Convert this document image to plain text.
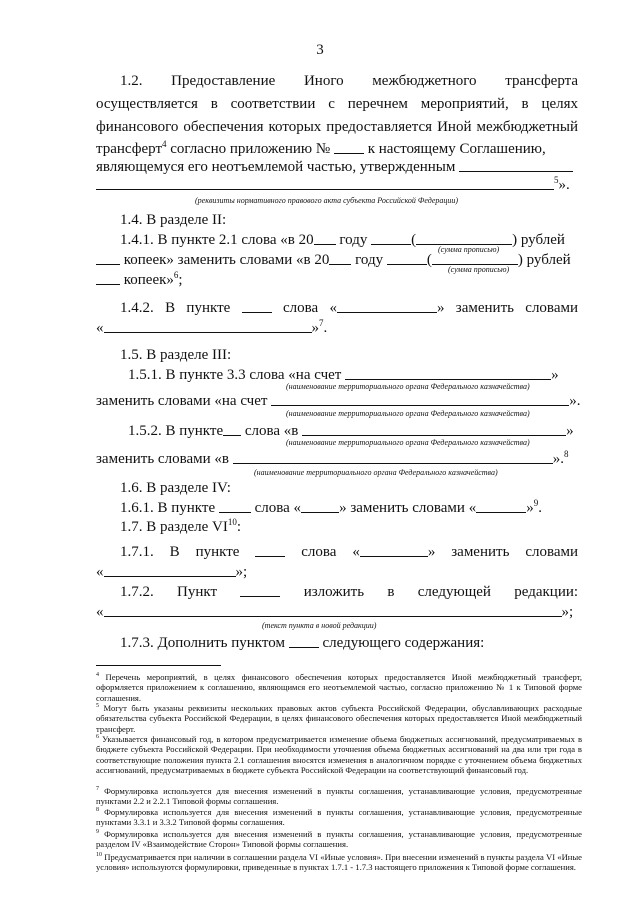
3
1.2. Предоставление Иного межбюджетного трансферта
осуществляется в соответствии с перечнем мероприятий, в целях
финансового обеспечения которых предоставляется Иной межбюджетный
трансферт$^4$ согласно приложению №  к настоящему Соглашению,
являющемуся его неотъемлемой частью, утвержденным
$^5$».
(реквизиты нормативного правового акта субъекта Российской Федерации)
1.4. В разделе II:
1.4.1. В пункте 2.1 слова «в 20 году	(	) рублей
(сумма прописью)
копеек» заменить словами «в 20 году	(	) рублей
(сумма прописью)
копеек»$^6$;
1.4.2. В пункте	слова «	» заменить словами
«	»$^7$.
1.5. В разделе III:
1.5.1. В пункте 3.3 слова «на счет	»
(наименование территориального органа Федерального казначейства)
заменить словами «на счет	».
(наименование территориального органа Федерального казначейства)
1.5.2. В пункте слова «в	»
(наименование территориального органа Федерального казначейства)
заменить словами «в	».$^8$
(наименование территориального органа Федерального казначейства)
1.6. В разделе IV:
1.6.1. В пункте  слова «	» заменить словами «	»$^9$.
1.7. В разделе VI$^{10}$:
1.7.1. В пункте	слова «	» заменить словами
«	»;
1.7.2. Пункт	изложить в следующей редакции:
«	»;
(текст пункта в новой редакции)
1.7.3. Дополнить пунктом  следующего содержания:
$^4$ Перечень мероприятий, в целях финансового обеспечения которых предоставляется Иной межбюджетный трансферт, оформляется приложением к соглашению, являющимся его неотъемлемой частью, согласно приложению № 1 к Типовой форме соглашения.
$^5$ Могут быть указаны реквизиты нескольких правовых актов субъекта Российской Федерации, обуславливающих расходные обязательства субъекта Российской Федерации, в целях финансового обеспечения которых предоставляется Иной межбюджетный трансферт.
$^6$ Указывается финансовый год, в котором предусматривается изменение объема бюджетных ассигнований, предусматриваемых в бюджете субъекта Российской Федерации. При необходимости уточнения объема бюджетных ассигнований на два или три года в соответствующие положения пункта 2.1 соглашения вносятся изменения в аналогичном порядке с уточнением объема бюджетных ассигнований, предусматриваемых в бюджете субъекта Российской Федерации на соответствующий финансовый год.
$^7$ Формулировка используется для внесения изменений в пункты соглашения, устанавливающие условия, предусмотренные пунктами 2.2 и 2.2.1 Типовой формы соглашения.
$^8$ Формулировка используется для внесения изменений в пункты соглашения, устанавливающие условия, предусмотренные пунктами 3.3.1 и 3.3.2 Типовой формы соглашения.
$^9$ Формулировка используется для внесения изменений в пункты соглашения, устанавливающие условия, предусмотренные разделом IV «Взаимодействие Сторон» Типовой формы соглашения.
$^{10}$ Предусматривается при наличии в соглашении раздела VI «Иные условия». При внесении изменений в пункты раздела VI «Иные условия» используются формулировки, приведенные в пунктах 1.7.1 - 1.7.3 настоящего приложения к Типовой форме соглашения.
